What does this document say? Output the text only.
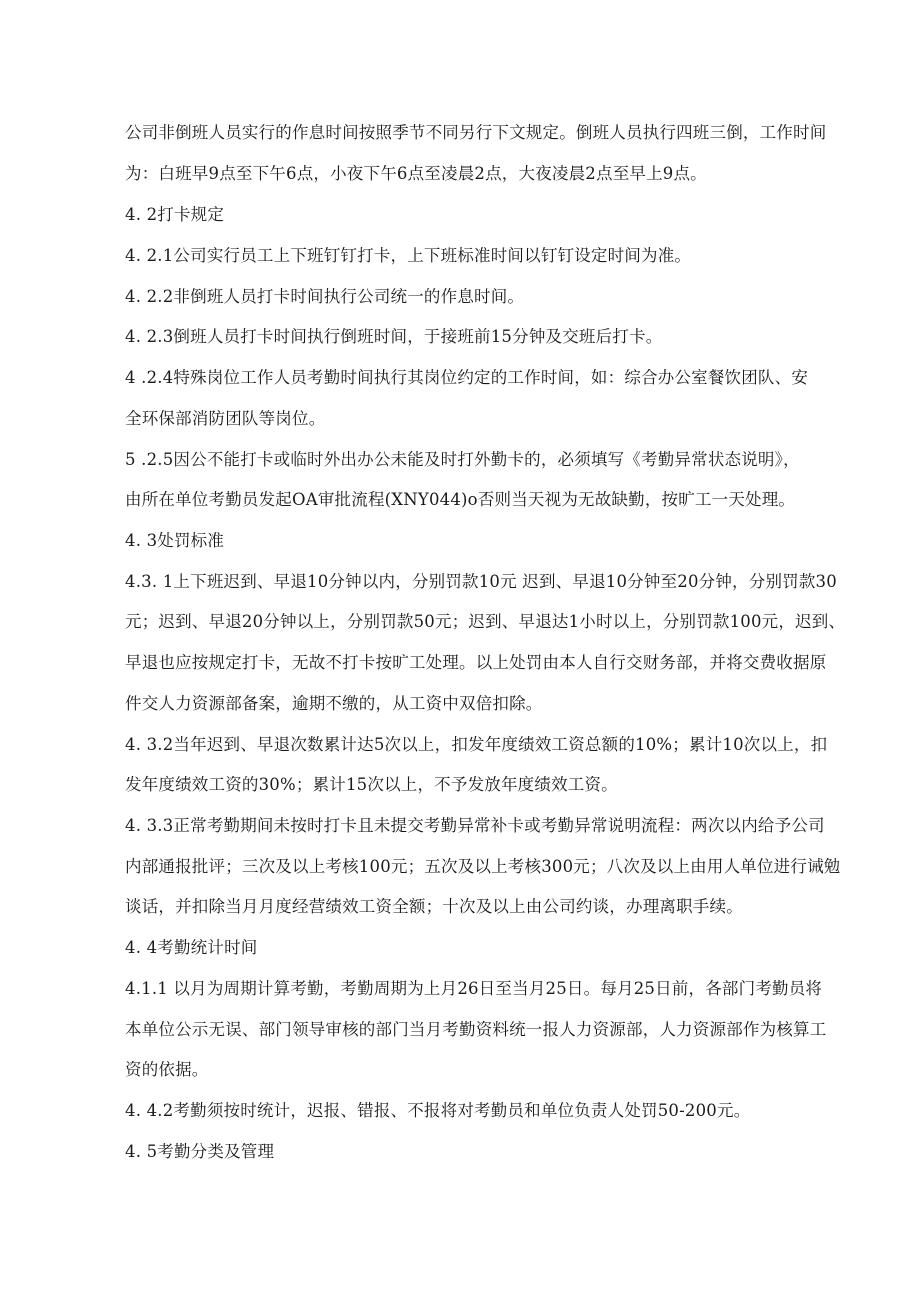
公司非倒班人员实行的作息时间按照季节不同另行下文规定。倒班人员执行四班三倒，工作时间
为：白班早9点至下午6点，小夜下午6点至凌晨2点，大夜凌晨2点至早上9点。
4. 2打卡规定
4. 2.1公司实行员工上下班钉钉打卡，上下班标准时间以钉钉设定时间为准。
4. 2.2非倒班人员打卡时间执行公司统一的作息时间。
4. 2.3倒班人员打卡时间执行倒班时间，于接班前15分钟及交班后打卡。
4 .2.4特殊岗位工作人员考勤时间执行其岗位约定的工作时间，如：综合办公室餐饮团队、安
全环保部消防团队等岗位。
5 .2.5因公不能打卡或临时外出办公未能及时打外勤卡的，必须填写《考勤异常状态说明》，
由所在单位考勤员发起OA审批流程(XNY044)o否则当天视为无故缺勤，按旷工一天处理。
4. 3处罚标准
4.3. 1上下班迟到、早退10分钟以内，分别罚款10元 迟到、早退10分钟至20分钟，分别罚款30
元；迟到、早退20分钟以上，分别罚款50元；迟到、早退达1小时以上，分别罚款100元，迟到、
早退也应按规定打卡，无故不打卡按旷工处理。以上处罚由本人自行交财务部，并将交费收据原
件交人力资源部备案，逾期不缴的，从工资中双倍扣除。
4. 3.2当年迟到、早退次数累计达5次以上，扣发年度绩效工资总额的10%；累计10次以上，扣
发年度绩效工资的30%；累计15次以上，不予发放年度绩效工资。
4. 3.3正常考勤期间未按时打卡且未提交考勤异常补卡或考勤异常说明流程：两次以内给予公司
内部通报批评；三次及以上考核100元；五次及以上考核300元；八次及以上由用人单位进行诫勉
谈话，并扣除当月月度经营绩效工资全额；十次及以上由公司约谈，办理离职手续。
4. 4考勤统计时间
4.1.1 以月为周期计算考勤，考勤周期为上月26日至当月25日。每月25日前，各部门考勤员将
本单位公示无误、部门领导审核的部门当月考勤资料统一报人力资源部，人力资源部作为核算工
资的依据。
4. 4.2考勤须按时统计，迟报、错报、不报将对考勤员和单位负责人处罚50-200元。
4. 5考勤分类及管理
